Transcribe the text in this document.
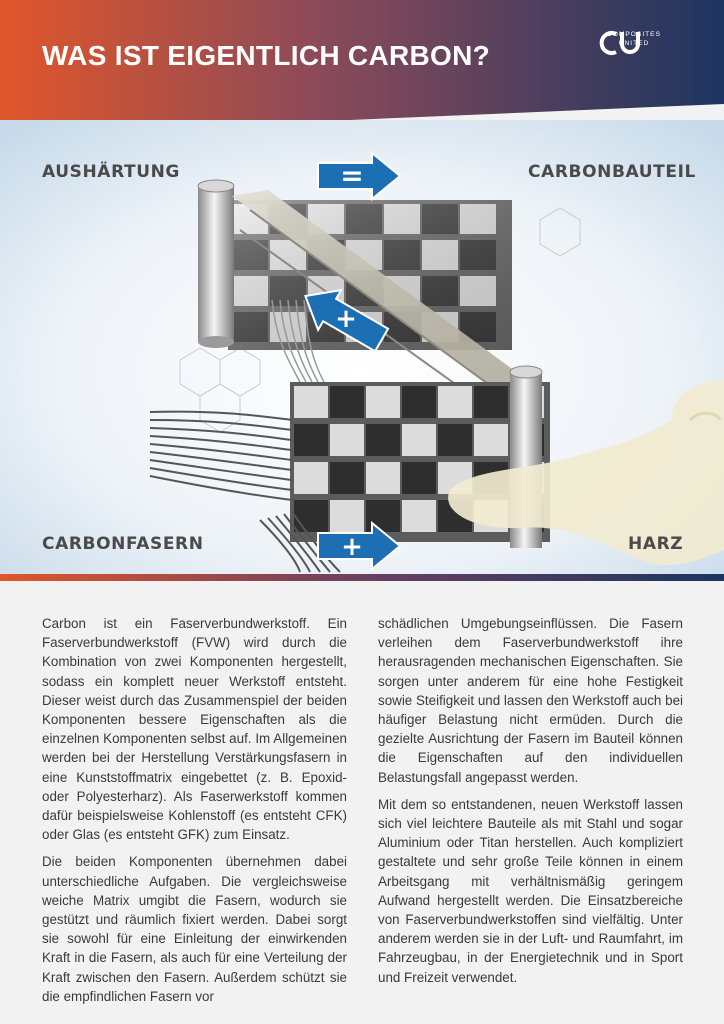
WAS IST EIGENTLICH CARBON?
COMPOSITES
UNITED
=
+
+
AUSHÄRTUNG	CARBONBAUTEIL
CARBONFASERN	HARZ

Carbon ist ein Faserverbundwerkstoff. Ein Faserverbundwerkstoff (FVW) wird durch die Kombination von zwei Komponenten hergestellt, sodass ein komplett neuer Werkstoff entsteht. Dieser weist durch das Zusammenspiel der beiden Komponenten bessere Eigenschaften als die einzelnen Komponenten selbst auf. Im Allgemeinen werden bei der Herstellung Verstärkungsfasern in eine Kunststoffmatrix eingebettet (z. B. Epoxid- oder Polyesterharz). Als Faserwerkstoff kommen dafür beispielsweise Kohlenstoff (es entsteht CFK) oder Glas (es entsteht GFK) zum Einsatz.

Die beiden Komponenten übernehmen dabei unterschiedliche Aufgaben. Die vergleichsweise weiche Matrix umgibt die Fasern, wodurch sie gestützt und räumlich fixiert werden. Dabei sorgt sie sowohl für eine Einleitung der einwirkenden Kraft in die Fasern, als auch für eine Verteilung der Kraft zwischen den Fasern. Außerdem schützt sie die empfindlichen Fasern vor

schädlichen Umgebungseinflüssen. Die Fasern verleihen dem Faserverbundwerkstoff ihre herausragenden mechanischen Eigenschaften. Sie sorgen unter anderem für eine hohe Festigkeit sowie Steifigkeit und lassen den Werkstoff auch bei häufiger Belastung nicht ermüden. Durch die gezielte Ausrichtung der Fasern im Bauteil können die Eigenschaften auf den individuellen Belastungsfall angepasst werden.

Mit dem so entstandenen, neuen Werkstoff lassen sich viel leichtere Bauteile als mit Stahl und sogar Aluminium oder Titan herstellen. Auch kompliziert gestaltete und sehr große Teile können in einem Arbeitsgang mit verhältnismäßig geringem Aufwand hergestellt werden. Die Einsatzbereiche von Faserverbundwerkstoffen sind vielfältig. Unter anderem werden sie in der Luft- und Raumfahrt, im Fahrzeugbau, in der Energietechnik und in Sport und Freizeit verwendet.
